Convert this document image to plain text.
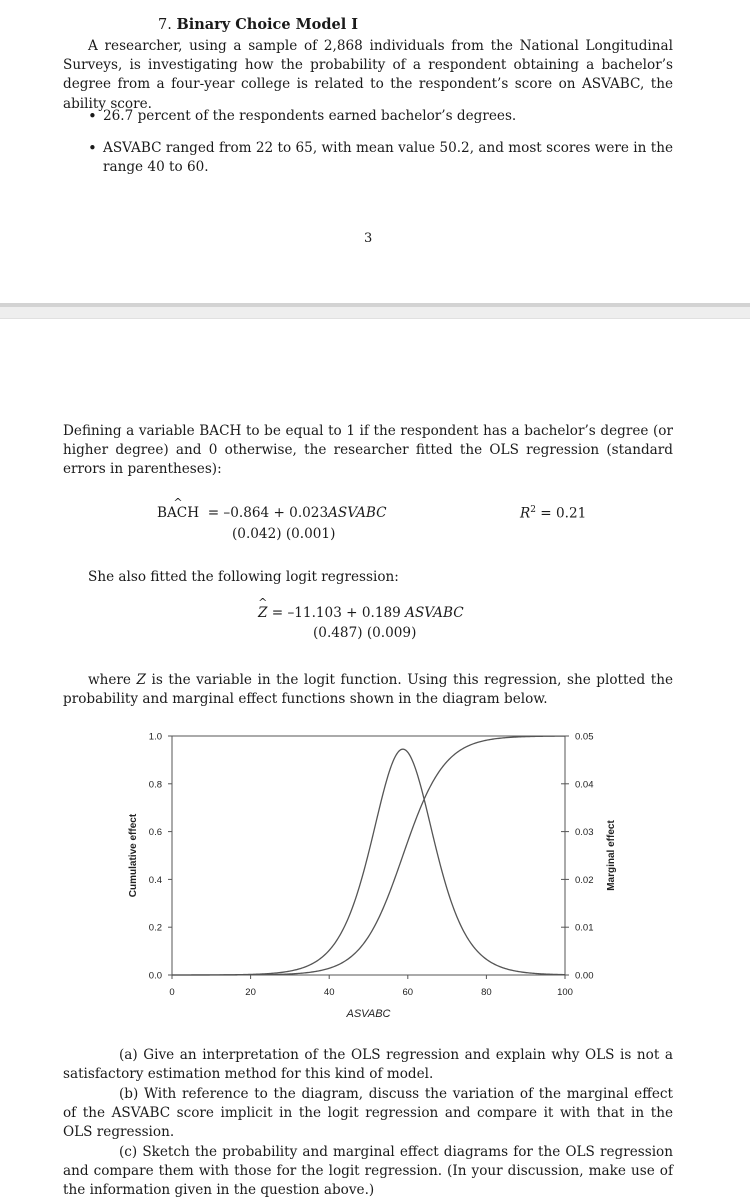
7. Binary Choice Model I
A researcher, using a sample of 2,868 individuals from the National Longitudinal Surveys, is investigating how the probability of a respondent obtaining a bachelor’s degree from a four-year college is related to the respondent’s score on ASVABC, the ability score.
• 26.7 percent of the respondents earned bachelor’s degrees.
• ASVABC ranged from 22 to 65, with mean value 50.2, and most scores were in the range 40 to 60.
3
Defining a variable BACH to be equal to 1 if the respondent has a bachelor’s degree (or higher degree) and 0 otherwise, the researcher fitted the OLS regression (standard errors in parentheses):
BACH ^ = –0.864 + 0.023ASVABC
(0.042) (0.001)
$R^2 = 0.21$
She also fitted the following logit regression:
Z ^ = –11.103 + 0.189 ASVABC
(0.487) (0.009)
where Z is the variable in the logit function. Using this regression, she plotted the probability and marginal effect functions shown in the diagram below.
0.0
0.2
0.4
0.6
0.8
1.0
0.00
0.01
0.02
0.03
0.04
0.05
0	20	40	60	80	100
ASVABC
Cumulative effect	Marginal effect
(a) Give an interpretation of the OLS regression and explain why OLS is not a satisfactory estimation method for this kind of model.
(b) With reference to the diagram, discuss the variation of the marginal effect of the ASVABC score implicit in the logit regression and compare it with that in the OLS regression.
(c) Sketch the probability and marginal effect diagrams for the OLS regression and compare them with those for the logit regression. (In your discussion, make use of the information given in the question above.)
